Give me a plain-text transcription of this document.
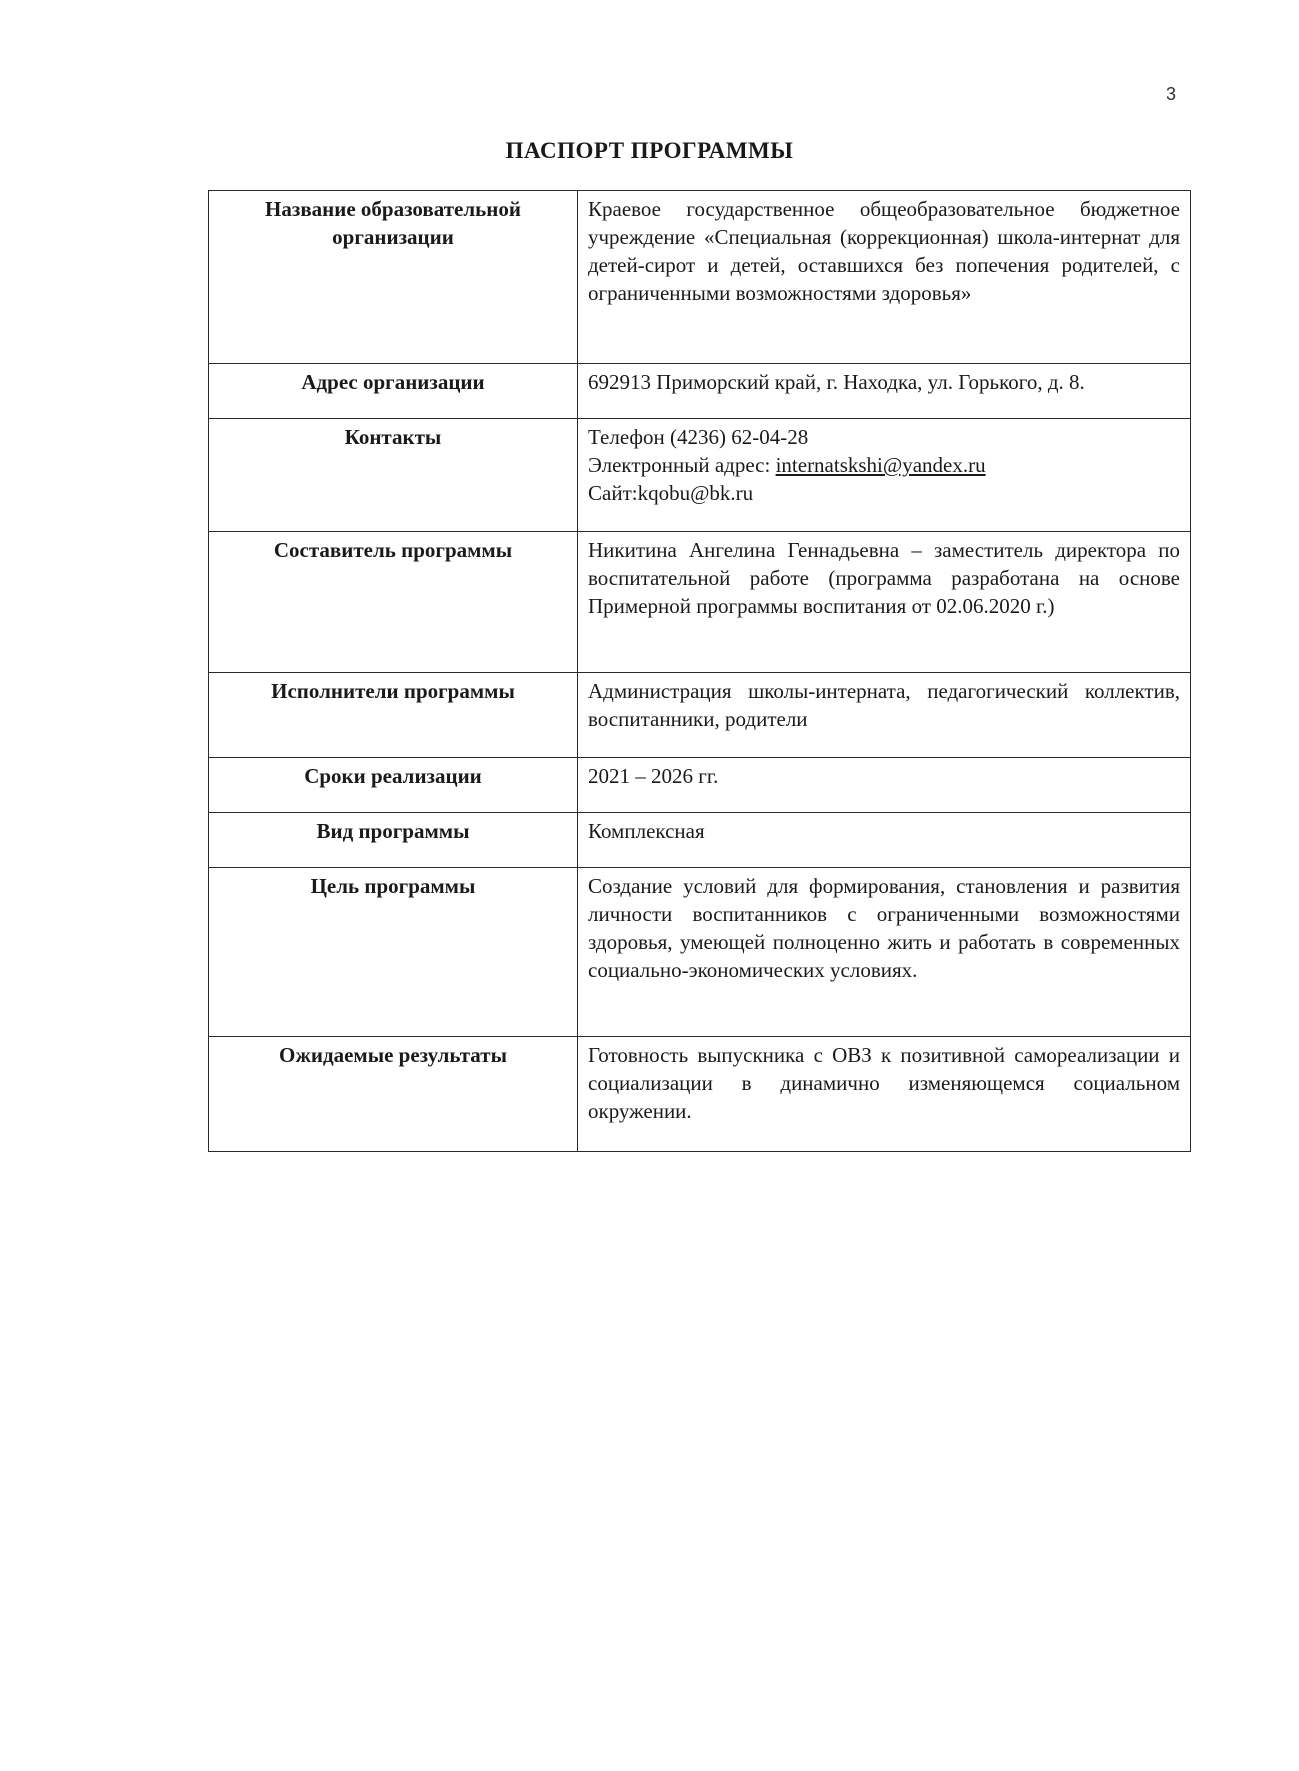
3
ПАСПОРТ ПРОГРАММЫ
Название образовательной организации	Краевое государственное общеобразовательное бюджетное учреждение «Специальная (коррекционная) школа-интернат для детей-сирот и детей, оставшихся без попечения родителей, с ограниченными возможностями здоровья»
Адрес организации	692913 Приморский край, г. Находка, ул. Горького, д. 8.
Контакты	Телефон (4236) 62-04-28
Электронный адрес: internatskshi@yandex.ru
Сайт:kqobu@bk.ru

Составитель программы	Никитина Ангелина Геннадьевна – заместитель директора по воспитательной работе (программа разработана на основе Примерной программы воспитания от 02.06.2020 г.)
Исполнители программы	Администрация школы-интерната, педагогический коллектив, воспитанники, родители
Сроки реализации	2021 – 2026 гг.
Вид программы	Комплексная
Цель программы	Создание условий для формирования, становления и развития личности воспитанников с ограниченными возможностями здоровья, умеющей полноценно жить и работать в современных социально-экономических условиях.
Ожидаемые результаты	Готовность выпускника с ОВЗ к позитивной самореализации и социализации в динамично изменяющемся социальном окружении.
